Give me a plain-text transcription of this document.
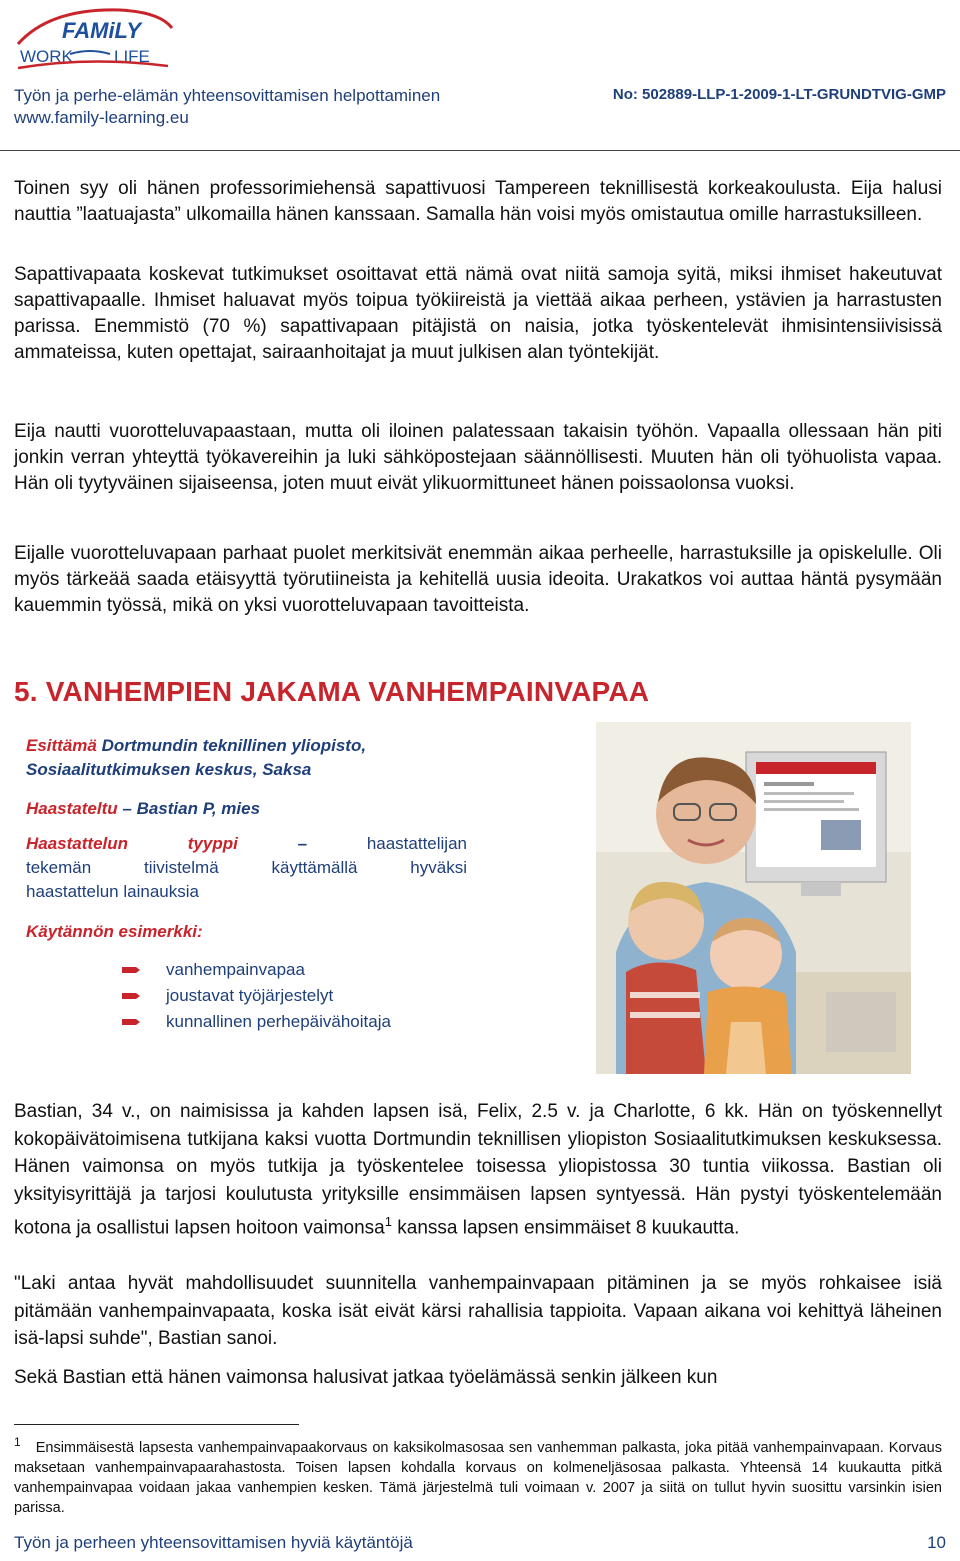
FAMiLY
WORK LIFE
Työn ja perhe-elämän yhteensovittamisen helpottaminen
www.family-learning.eu
No: 502889-LLP-1-2009-1-LT-GRUNDTVIG-GMP

Toinen syy oli hänen professorimiehensä sapattivuosi Tampereen teknillisestä korkeakoulusta. Eija halusi nauttia ”laatuajasta” ulkomailla hänen kanssaan. Samalla hän voisi myös omistautua omille harrastuksilleen.

Sapattivapaata koskevat tutkimukset osoittavat että nämä ovat niitä samoja syitä, miksi ihmiset hakeutuvat sapattivapaalle. Ihmiset haluavat myös toipua työkiireistä ja viettää aikaa perheen, ystävien ja harrastusten parissa. Enemmistö (70 %) sapattivapaan pitäjistä on naisia, jotka työskentelevät ihmisintensiivisissä ammateissa, kuten opettajat, sairaanhoitajat ja muut julkisen alan työntekijät.

Eija nautti vuorotteluvapaastaan, mutta oli iloinen palatessaan takaisin työhön. Vapaalla ollessaan hän piti jonkin verran yhteyttä työkavereihin ja luki sähköpostejaan säännöllisesti. Muuten hän oli työhuolista vapaa. Hän oli tyytyväinen sijaiseensa, joten muut eivät ylikuormittuneet hänen poissaolonsa vuoksi.

Eijalle vuorotteluvapaan parhaat puolet merkitsivät enemmän aikaa perheelle, harrastuksille ja opiskelulle. Oli myös tärkeää saada etäisyyttä työrutiineista ja kehitellä uusia ideoita. Urakatkos voi auttaa häntä pysymään kauemmin työssä, mikä on yksi vuorotteluvapaan tavoitteista.

5. VANHEMPIEN JAKAMA VANHEMPAINVAPAA
Esittämä Dortmundin teknillinen yliopisto,
Sosiaalitutkimuksen keskus, Saksa
Haastateltu – Bastian P, mies
Haastattelun tyyppi	–	haastattelijan
tekemän tiivistelmä käyttämällä hyväksi
haastattelun lainauksia
Käytännön esimerkki:
vanhempainvapaa
joustavat työjärjestelyt
kunnallinen perhepäivähoitaja

Bastian, 34 v., on naimisissa ja kahden lapsen isä, Felix, 2.5 v. ja Charlotte, 6 kk. Hän on työskennellyt kokopäivätoimisena tutkijana kaksi vuotta Dortmundin teknillisen yliopiston Sosiaalitutkimuksen keskuksessa. Hänen vaimonsa on myös tutkija ja työskentelee toisessa yliopistossa 30 tuntia viikossa. Bastian oli yksityisyrittäjä ja tarjosi koulutusta yrityksille ensimmäisen lapsen syntyessä. Hän pystyi työskentelemään kotona ja osallistui lapsen hoitoon vaimonsa$^1$ kanssa lapsen ensimmäiset 8 kuukautta.

"Laki antaa hyvät mahdollisuudet suunnitella vanhempainvapaan pitäminen ja se myös rohkaisee isiä pitämään vanhempainvapaata, koska isät eivät kärsi rahallisia tappioita. Vapaan aikana voi kehittyä läheinen isä-lapsi suhde", Bastian sanoi.

Sekä Bastian että hänen vaimonsa halusivat jatkaa työelämässä senkin jälkeen kun

$^1$ Ensimmäisestä lapsesta vanhempainvapaakorvaus on kaksikolmasosaa sen vanhemman palkasta, joka pitää vanhempainvapaan. Korvaus maksetaan vanhempainvapaarahastosta. Toisen lapsen kohdalla korvaus on kolmeneljäsosaa palkasta. Yhteensä 14 kuukautta pitkä vanhempainvapaa voidaan jakaa vanhempien kesken. Tämä järjestelmä tuli voimaan v. 2007 ja siitä on tullut hyvin suosittu varsinkin isien parissa.

Työn ja perheen yhteensovittamisen hyviä käytäntöjä	10
